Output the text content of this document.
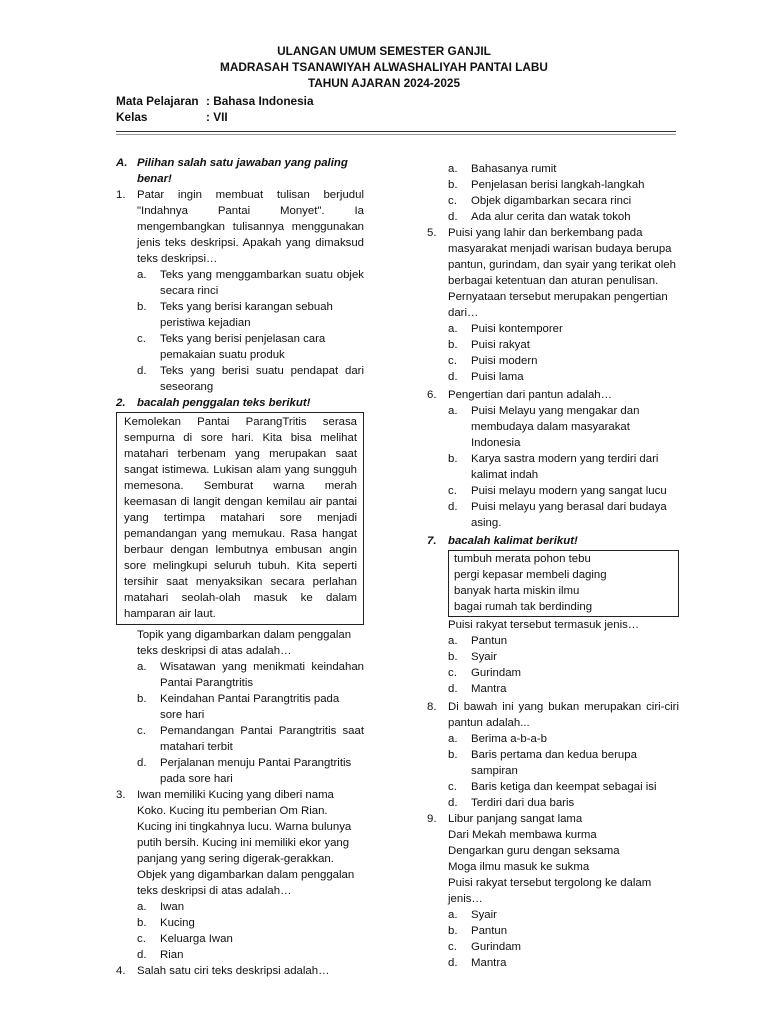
ULANGAN UMUM SEMESTER GANJIL
MADRASAH TSANAWIYAH ALWASHALIYAH PANTAI LABU
TAHUN AJARAN 2024-2025
Mata Pelajaran : Bahasa Indonesia
Kelas	: VII
A. Pilihan salah satu jawaban yang paling benar!
1.	Patar ingin membuat tulisan berjudul "Indahnya Pantai Monyet". Ia mengembangkan tulisannya menggunakan jenis teks deskripsi. Apakah yang dimaksud teks deskripsi…
a.	Teks yang menggambarkan suatu objek secara rinci
b.	Teks yang berisi karangan sebuah peristiwa kejadian
c.	Teks yang berisi penjelasan cara pemakaian suatu produk
d.	Teks yang berisi suatu pendapat dari seseorang
2.	bacalah penggalan teks berikut!
Kemolekan Pantai ParangTritis serasa sempurna di sore hari. Kita bisa melihat matahari terbenam yang merupakan saat sangat istimewa. Lukisan alam yang sungguh memesona. Semburat warna merah keemasan di langit dengan kemilau air pantai yang tertimpa matahari sore menjadi pemandangan yang memukau. Rasa hangat berbaur dengan lembutnya embusan angin sore melingkupi seluruh tubuh. Kita seperti tersihir saat menyaksikan secara perlahan matahari seolah-olah masuk ke dalam hamparan air laut.
Topik yang digambarkan dalam penggalan teks deskripsi di atas adalah…
a.	Wisatawan yang menikmati keindahan Pantai Parangtritis
b.	Keindahan Pantai Parangtritis pada sore hari
c.	Pemandangan Pantai Parangtritis saat matahari terbit
d.	Perjalanan menuju Pantai Parangtritis pada sore hari
3.	Iwan memiliki Kucing yang diberi nama Koko. Kucing itu pemberian Om Rian. Kucing ini tingkahnya lucu. Warna bulunya putih bersih. Kucing ini memiliki ekor yang panjang yang sering digerak-gerakkan.
Objek yang digambarkan dalam penggalan teks deskripsi di atas adalah…
a.	Iwan
b.	Kucing
c.	Keluarga Iwan
d.	Rian
4.	Salah satu ciri teks deskripsi adalah…
a.	Bahasanya rumit
b.	Penjelasan berisi langkah-langkah
c.	Objek digambarkan secara rinci
d.	Ada alur cerita dan watak tokoh
5.	Puisi yang lahir dan berkembang pada masyarakat menjadi warisan budaya berupa pantun, gurindam, dan syair yang terikat oleh berbagai ketentuan dan aturan penulisan.
Pernyataan tersebut merupakan pengertian dari…
a.	Puisi kontemporer
b.	Puisi rakyat
c.	Puisi modern
d.	Puisi lama
6.	Pengertian dari pantun adalah…
a.	Puisi Melayu yang mengakar dan membudaya dalam masyarakat Indonesia
b.	Karya sastra modern yang terdiri dari kalimat indah
c.	Puisi melayu modern yang sangat lucu
d.	Puisi melayu yang berasal dari budaya asing.
7.	bacalah kalimat berikut!
tumbuh merata pohon tebu
pergi kepasar membeli daging
banyak harta miskin ilmu
bagai rumah tak berdinding
Puisi rakyat tersebut termasuk jenis…
a.	Pantun
b.	Syair
c.	Gurindam
d.	Mantra
8.	Di bawah ini yang bukan merupakan ciri-ciri pantun adalah...
a.	Berima a-b-a-b
b.	Baris pertama dan kedua berupa sampiran
c.	Baris ketiga dan keempat sebagai isi
d.	Terdiri dari dua baris
9.	Libur panjang sangat lama
Dari Mekah membawa kurma
Dengarkan guru dengan seksama
Moga ilmu masuk ke sukma
Puisi rakyat tersebut tergolong ke dalam jenis…
a.	Syair
b.	Pantun
c.	Gurindam
d.	Mantra
